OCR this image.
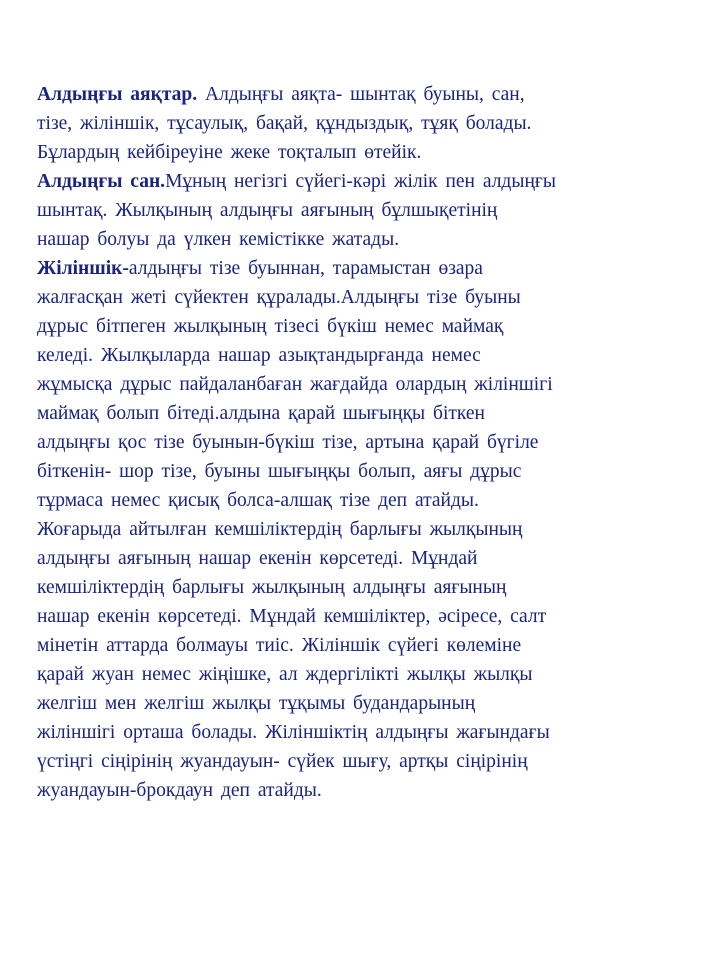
Алдыңғы аяқтар. Алдыңғы аяқта- шынтақ буыны, сан,
тізе, жіліншік, тұсаулық, бақай, құндыздық, тұяқ болады.
Бұлардың кейбіреуіне жеке тоқталып өтейік.
Алдыңғы сан.Мұның негізгі сүйегі-кәрі жілік пен алдыңғы
шынтақ. Жылқының алдыңғы аяғының бұлшықетінің
нашар болуы да үлкен кемістікке жатады.
Жіліншік-алдыңғы тізе буыннан, тарамыстан өзара
жалғасқан жеті сүйектен құралады.Алдыңғы тізе буыны
дұрыс бітпеген жылқының тізесі бүкіш немес маймақ
келеді. Жылқыларда нашар азықтандырғанда немес
жұмысқа дұрыс пайдаланбаған жағдайда олардың жіліншігі
маймақ болып бітеді.алдына қарай шығыңқы біткен
алдыңғы қос тізе буынын-бүкіш тізе, артына қарай бүгіле
біткенін- шор тізе, буыны шығыңқы болып, аяғы дұрыс
тұрмаса немес қисық болса-алшақ тізе деп атайды.
Жоғарыда айтылған кемшіліктердің барлығы жылқының
алдыңғы аяғының нашар екенін көрсетеді. Мұндай
кемшіліктердің барлығы жылқының алдыңғы аяғының
нашар екенін көрсетеді. Мұндай кемшіліктер, әсіресе, салт
мінетін аттарда болмауы тиіс. Жіліншік сүйегі көлеміне
қарай жуан немес жіңішке, ал ждергілікті жылқы жылқы
желгіш мен желгіш жылқы тұқымы будандарының
жіліншігі орташа болады. Жіліншіктің алдыңғы жағындағы
үстіңгі сіңірінің жуандауын- сүйек шығу, артқы сіңірінің
жуандауын-брокдаун деп атайды.
